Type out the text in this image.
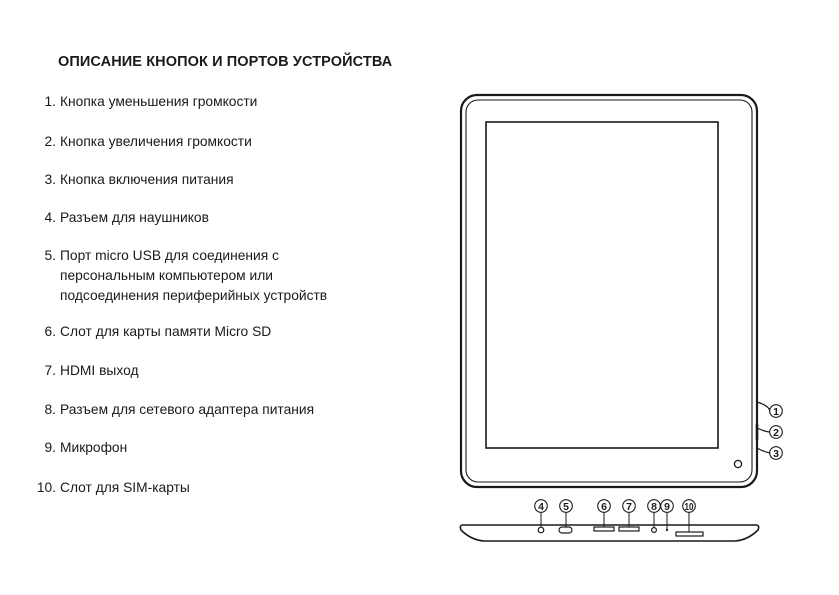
ОПИСАНИЕ КНОПОК И ПОРТОВ УСТРОЙСТВА
1. Кнопка уменьшения громкости
2. Кнопка увеличения громкости
3. Кнопка включения питания
4. Разъем для наушников
5. Порт micro USB для соединения с
персональным компьютером или
подсоединения периферийных устройств
6. Слот для карты памяти Micro SD
7. HDMI выход
8. Разъем для сетевого адаптера питания
9. Микрофон
10. Слот для SIM-карты
1
2
3
4 5	6 7 8 9 10
